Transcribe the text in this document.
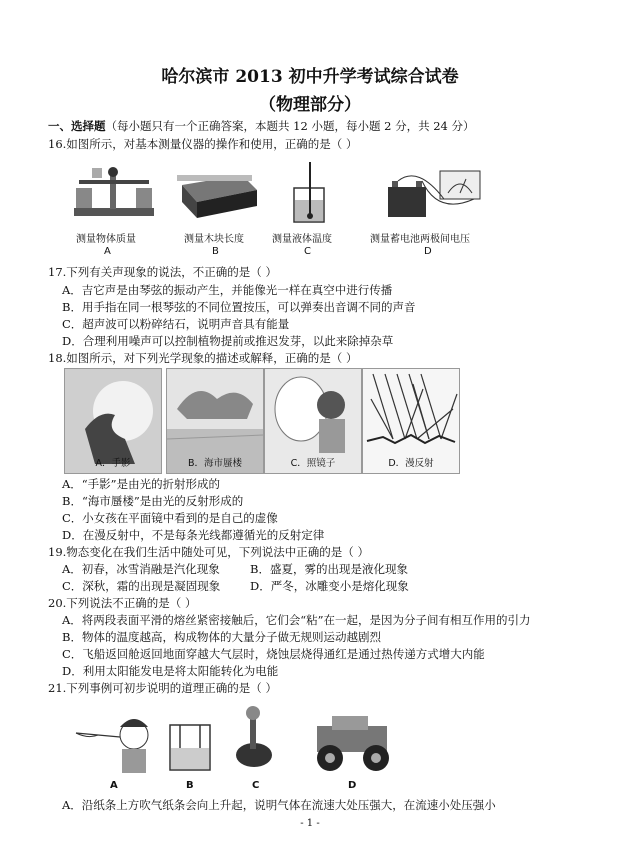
哈尔滨市 2013 初中升学考试综合试卷
（物理部分）
一、选择题（每小题只有一个正确答案，本题共 12 小题，每小题 2 分，共 24 分）
16.如图所示，对基本测量仪器的操作和使用，正确的是（ ）
测量物体质量	测量木块长度	测量液体温度	测量蓄电池两极间电压
A	B	C	D
17.下列有关声现象的说法，不正确的是（ ）
A．吉它声是由琴弦的振动产生，并能像光一样在真空中进行传播
B．用手指在同一根琴弦的不同位置按压，可以弹奏出音调不同的声音
C．超声波可以粉碎结石，说明声音具有能量
D．合理利用噪声可以控制植物提前或推迟发芽，以此来除掉杂草
18.如图所示，对下列光学现象的描述或解释，正确的是（ ）
A．手影	B．海市蜃楼	C．照镜子	D．漫反射
A．“手影”是由光的折射形成的
B．“海市蜃楼”是由光的反射形成的
C．小女孩在平面镜中看到的是自己的虚像
D．在漫反射中，不是每条光线都遵循光的反射定律
19.物态变化在我们生活中随处可见，下列说法中正确的是（ ）
A．初春，冰雪消融是汽化现象	B．盛夏，雾的出现是液化现象
C．深秋，霜的出现是凝固现象	D．严冬，冰雕变小是熔化现象
20.下列说法不正确的是（ ）
A．将两段表面平滑的熔丝紧密接触后，它们会“粘”在一起，是因为分子间有相互作用的引力
B．物体的温度越高，构成物体的大量分子做无规则运动越剧烈
C．飞船返回舱返回地面穿越大气层时，烧蚀层烧得通红是通过热传递方式增大内能
D．利用太阳能发电是将太阳能转化为电能
21.下列事例可初步说明的道理正确的是（ ）
A	B	C	D
A．沿纸条上方吹气纸条会向上升起，说明气体在流速大处压强大，在流速小处压强小
- 1 -
